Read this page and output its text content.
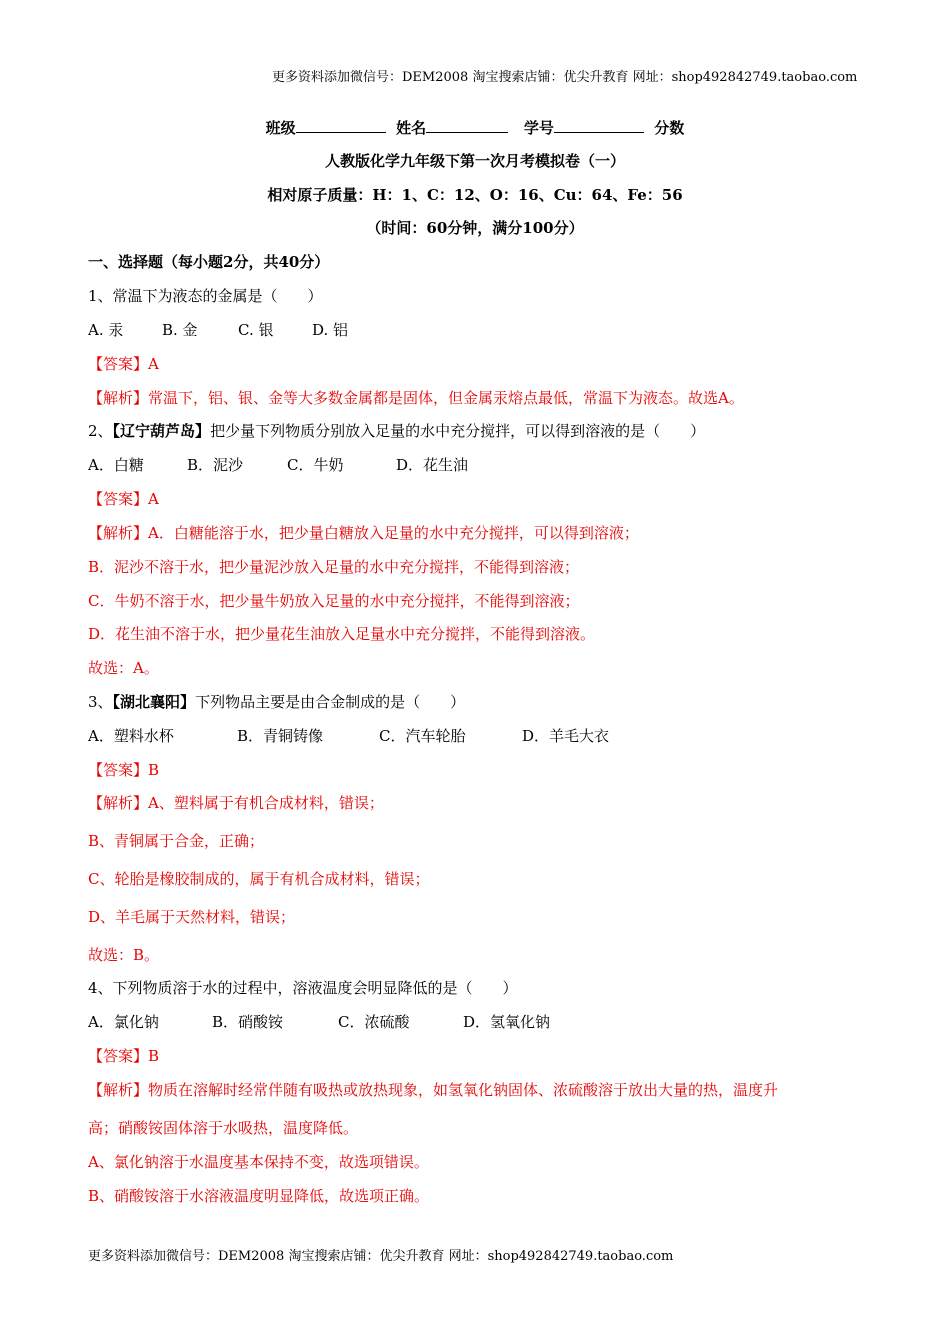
更多资料添加微信号：DEM2008 淘宝搜索店铺：优尖升教育 网址：shop492842749.taobao.com
班级	姓名	学号	分数
人教版化学九年级下第一次月考模拟卷（一）
相对原子质量：H：1、C：12、O：16、Cu：64、Fe：56
（时间：60分钟，满分100分）
一、选择题（每小题2分，共40分）
1、常温下为液态的金属是（　　）
A. 汞	B. 金	C. 银	D. 铝
【答案】A
【解析】常温下，铝、银、金等大多数金属都是固体，但金属汞熔点最低，常温下为液态。故选A。
2、【辽宁葫芦岛】把少量下列物质分别放入足量的水中充分搅拌，可以得到溶液的是（　　）
A．白糖	B．泥沙	C．牛奶	D．花生油
【答案】A
【解析】A．白糖能溶于水，把少量白糖放入足量的水中充分搅拌，可以得到溶液；
B．泥沙不溶于水，把少量泥沙放入足量的水中充分搅拌，不能得到溶液；
C．牛奶不溶于水，把少量牛奶放入足量的水中充分搅拌，不能得到溶液；
D．花生油不溶于水，把少量花生油放入足量水中充分搅拌，不能得到溶液。
故选：A。
3、【湖北襄阳】下列物品主要是由合金制成的是（　　）
A．塑料水杯	B．青铜铸像	C．汽车轮胎	D．羊毛大衣
【答案】B
【解析】A、塑料属于有机合成材料，错误；
B、青铜属于合金，正确；
C、轮胎是橡胶制成的，属于有机合成材料，错误；
D、羊毛属于天然材料，错误；
故选：B。
4、下列物质溶于水的过程中，溶液温度会明显降低的是（　　）
A．氯化钠	B．硝酸铵	C．浓硫酸	D．氢氧化钠
【答案】B
【解析】物质在溶解时经常伴随有吸热或放热现象，如氢氧化钠固体、浓硫酸溶于放出大量的热，温度升
高；硝酸铵固体溶于水吸热，温度降低。
A、氯化钠溶于水温度基本保持不变，故选项错误。
B、硝酸铵溶于水溶液温度明显降低，故选项正确。
更多资料添加微信号：DEM2008 淘宝搜索店铺：优尖升教育 网址：shop492842749.taobao.com
